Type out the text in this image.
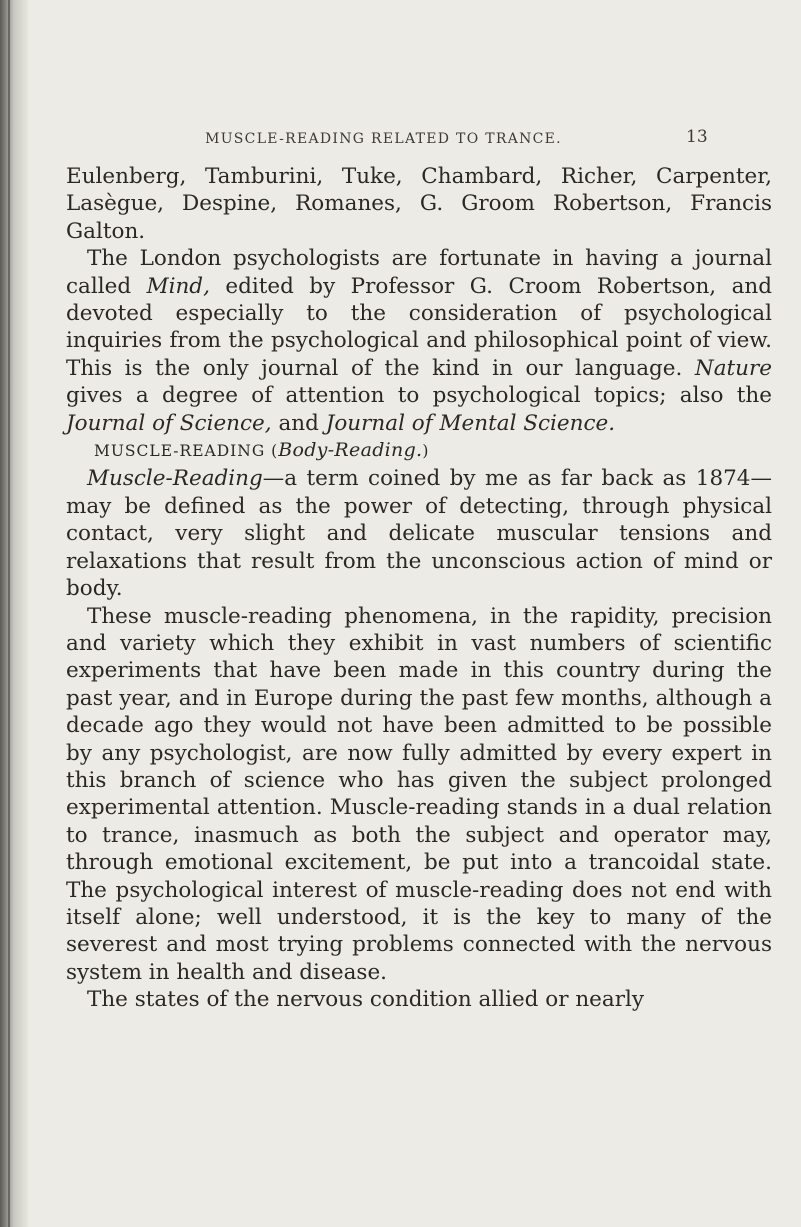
MUSCLE-READING RELATED TO TRANCE.	13

Eulenberg, Tamburini, Tuke, Chambard, Richer, Carpenter, Lasègue, Despine, Romanes, G. Groom Robertson, Francis Galton.

The London psychologists are fortunate in having a journal called Mind, edited by Professor G. Croom Robertson, and devoted especially to the consideration of psychological inquiries from the psychological and philosophical point of view. This is the only journal of the kind in our language. Nature gives a degree of attention to psychological topics; also the Journal of Science, and Journal of Mental Science.

MUSCLE-READING (Body-Reading.)

Muscle-Reading—a term coined by me as far back as 1874—may be defined as the power of detecting, through physical contact, very slight and delicate muscular tensions and relaxations that result from the unconscious action of mind or body.

These muscle-reading phenomena, in the rapidity, precision and variety which they exhibit in vast numbers of scientific experiments that have been made in this country during the past year, and in Europe during the past few months, although a decade ago they would not have been admitted to be possible by any psychologist, are now fully admitted by every expert in this branch of science who has given the subject prolonged experimental attention. Muscle-reading stands in a dual relation to trance, inasmuch as both the subject and operator may, through emotional excitement, be put into a trancoidal state. The psychological interest of muscle-reading does not end with itself alone; well understood, it is the key to many of the severest and most trying problems connected with the nervous system in health and disease.

The states of the nervous condition allied or nearly
